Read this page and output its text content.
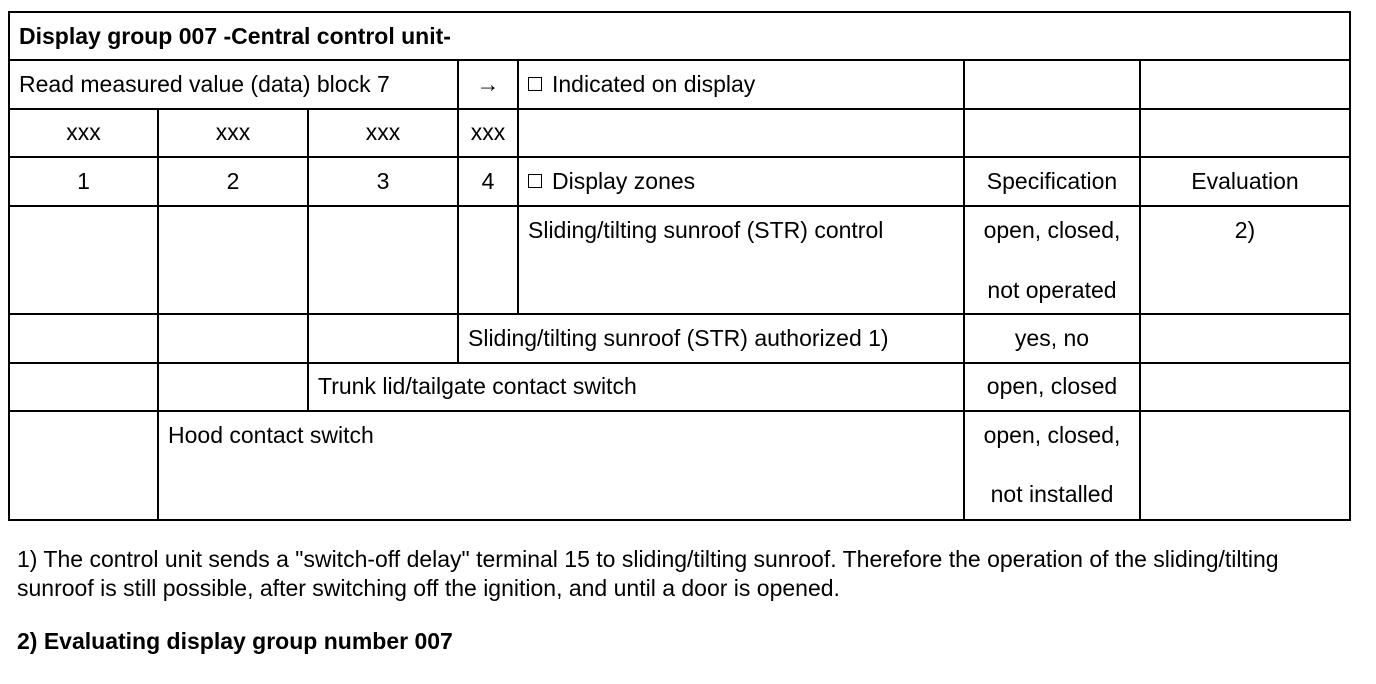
Display group 007 -Central control unit-						
Read measured value (data) block 7			→	Indicated on display		
xxx	xxx	xxx	xxx			
1	2	3	4	Display zones	Specification	Evaluation
				Sliding/tilting sunroof (STR) control	open, closed,
not operated	2)
			Sliding/tilting sunroof (STR) authorized 1)		yes, no	
		Trunk lid/tailgate contact switch			open, closed	
	Hood contact switch				open, closed,
not installed	

1) The control unit sends a "switch-off delay" terminal 15 to sliding/tilting sunroof. Therefore the operation of the sliding/tilting sunroof is still possible, after switching off the ignition, and until a door is opened.
2) Evaluating display group number 007
